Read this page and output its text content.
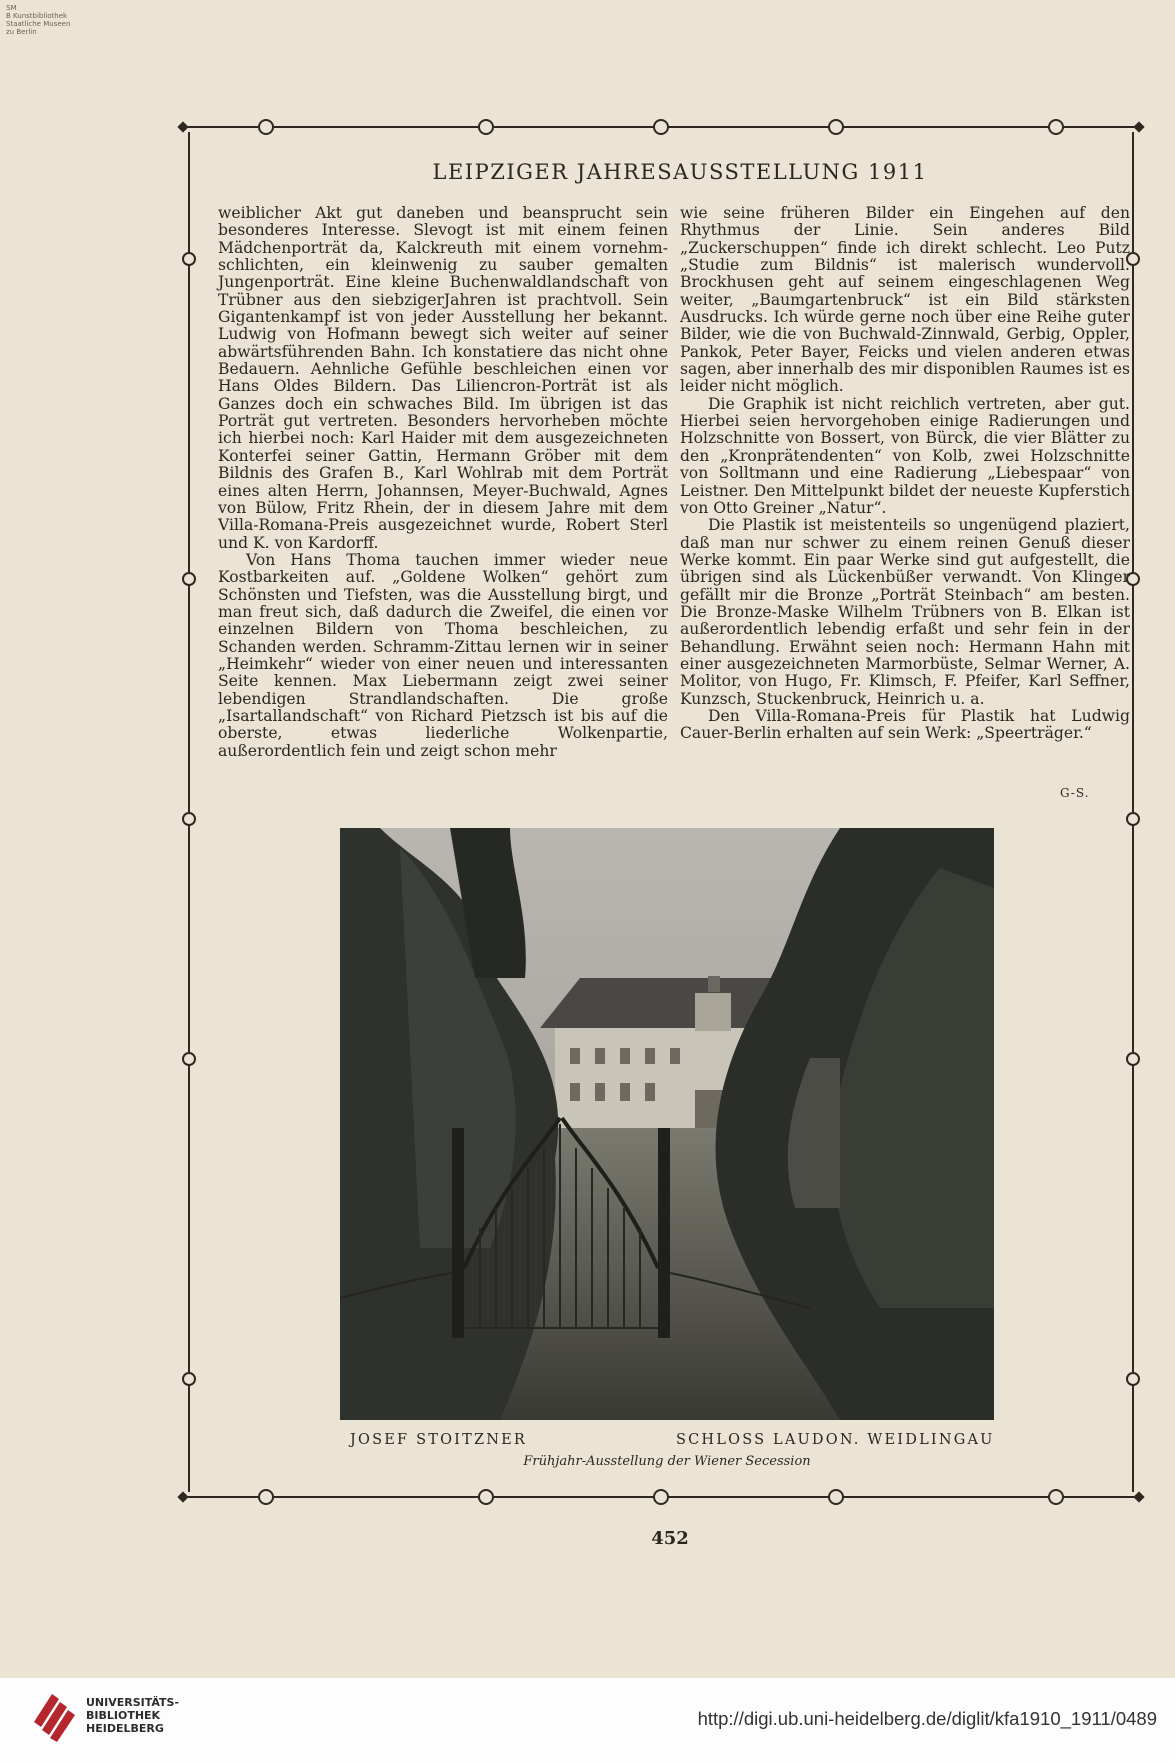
SM
B Kunstbibliothek
Staatliche Museen
zu Berlin
LEIPZIGER JAHRESAUSSTELLUNG 1911

weiblicher Akt gut daneben und beansprucht sein besonderes Interesse. Slevogt ist mit einem feinen Mädchenporträt da, Kalckreuth mit einem vornehm-schlichten, ein kleinwenig zu sauber gemalten Jungenporträt. Eine kleine Buchenwaldlandschaft von Trübner aus den siebzigerJahren ist prachtvoll. Sein Gigantenkampf ist von jeder Ausstellung her bekannt. Ludwig von Hofmann bewegt sich weiter auf seiner abwärtsführenden Bahn. Ich konstatiere das nicht ohne Bedauern. Aehnliche Gefühle beschleichen einen vor Hans Oldes Bildern. Das Liliencron-Porträt ist als Ganzes doch ein schwaches Bild. Im übrigen ist das Porträt gut vertreten. Besonders hervorheben möchte ich hierbei noch: Karl Haider mit dem ausgezeichneten Konterfei seiner Gattin, Hermann Gröber mit dem Bildnis des Grafen B., Karl Wohlrab mit dem Porträt eines alten Herrn, Johannsen, Meyer-Buchwald, Agnes von Bülow, Fritz Rhein, der in diesem Jahre mit dem Villa-Romana-Preis ausgezeichnet wurde, Robert Sterl und K. von Kardorff.

Von Hans Thoma tauchen immer wieder neue Kostbarkeiten auf. „Goldene Wolken“ gehört zum Schönsten und Tiefsten, was die Ausstellung birgt, und man freut sich, daß dadurch die Zweifel, die einen vor einzelnen Bildern von Thoma beschleichen, zu Schanden werden. Schramm-Zittau lernen wir in seiner „Heimkehr“ wieder von einer neuen und interessanten Seite kennen. Max Liebermann zeigt zwei seiner lebendigen Strandlandschaften. Die große „Isartallandschaft“ von Richard Pietzsch ist bis auf die oberste, etwas liederliche Wolkenpartie, außerordentlich fein und zeigt schon mehr

wie seine früheren Bilder ein Eingehen auf den Rhythmus der Linie. Sein anderes Bild „Zuckerschuppen“ finde ich direkt schlecht. Leo Putz „Studie zum Bildnis“ ist malerisch wundervoll. Brockhusen geht auf seinem eingeschlagenen Weg weiter, „Baumgartenbruck“ ist ein Bild stärksten Ausdrucks. Ich würde gerne noch über eine Reihe guter Bilder, wie die von Buchwald-Zinnwald, Gerbig, Oppler, Pankok, Peter Bayer, Feicks und vielen anderen etwas sagen, aber innerhalb des mir disponiblen Raumes ist es leider nicht möglich.

Die Graphik ist nicht reichlich vertreten, aber gut. Hierbei seien hervorgehoben einige Radierungen und Holzschnitte von Bossert, von Bürck, die vier Blätter zu den „Kronprätendenten“ von Kolb, zwei Holzschnitte von Solltmann und eine Radierung „Liebespaar“ von Leistner. Den Mittelpunkt bildet der neueste Kupferstich von Otto Greiner „Natur“.

Die Plastik ist meistenteils so ungenügend plaziert, daß man nur schwer zu einem reinen Genuß dieser Werke kommt. Ein paar Werke sind gut aufgestellt, die übrigen sind als Lückenbüßer verwandt. Von Klinger gefällt mir die Bronze „Porträt Steinbach“ am besten. Die Bronze-Maske Wilhelm Trübners von B. Elkan ist außerordentlich lebendig erfaßt und sehr fein in der Behandlung. Erwähnt seien noch: Hermann Hahn mit einer ausgezeichneten Marmorbüste, Selmar Werner, A. Molitor, von Hugo, Fr. Klimsch, F. Pfeifer, Karl Seffner, Kunzsch, Stuckenbruck, Heinrich u. a.

Den Villa-Romana-Preis für Plastik hat Ludwig Cauer-Berlin erhalten auf sein Werk: „Speerträger.“

G-S.
JOSEF STOITZNER	SCHLOSS LAUDON. WEIDLINGAU
Frühjahr-Ausstellung der Wiener Secession
452
UNIVERSITÄTS-
BIBLIOTHEK
HEIDELBERG	http://digi.ub.uni-heidelberg.de/diglit/kfa1910_1911/0489
